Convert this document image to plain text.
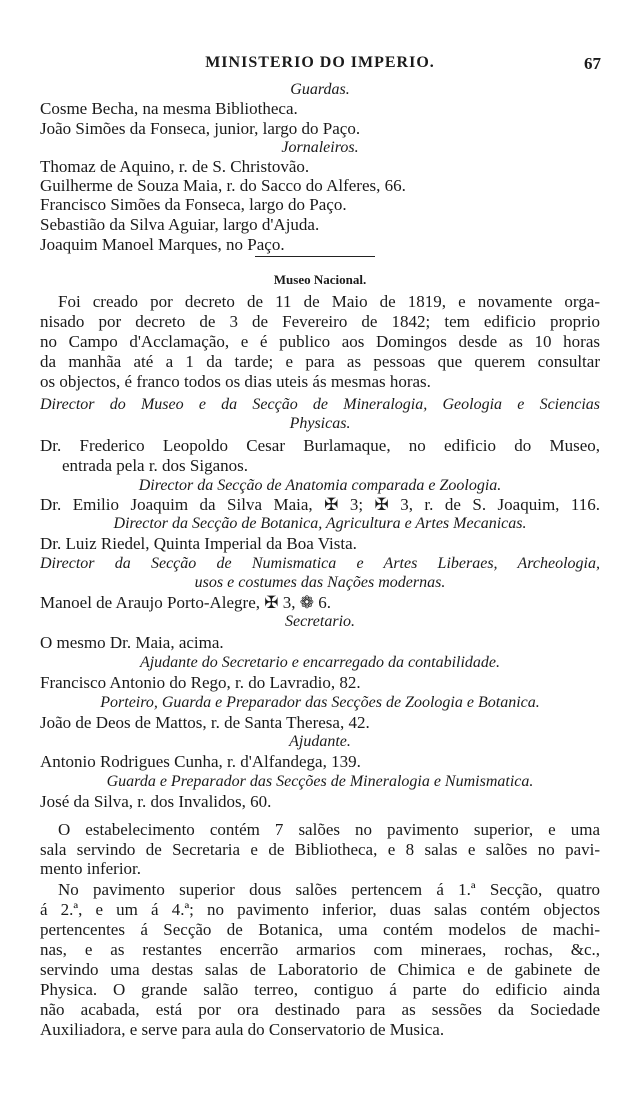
MINISTERIO DO IMPERIO.	67
Guardas.
Cosme Becha, na mesma Bibliotheca.
João Simões da Fonseca, junior, largo do Paço.
Jornaleiros.
Thomaz de Aquino, r. de S. Christovão.
Guilherme de Souza Maia, r. do Sacco do Alferes, 66.
Francisco Simões da Fonseca, largo do Paço.
Sebastião da Silva Aguiar, largo d'Ajuda.
Joaquim Manoel Marques, no Paço.
Museo Nacional.
Foi creado por decreto de 11 de Maio de 1819, e novamente orga-
nisado por decreto de 3 de Fevereiro de 1842; tem edificio proprio
no Campo d'Acclamação, e é publico aos Domingos desde as 10 horas
da manhãa até a 1 da tarde; e para as pessoas que querem consultar
os objectos, é franco todos os dias uteis ás mesmas horas.
Director do Museo e da Secção de Mineralogia, Geologia e Sciencias
Physicas.
Dr. Frederico Leopoldo Cesar Burlamaque, no edificio do Museo,
entrada pela r. dos Siganos.
Director da Secção de Anatomia comparada e Zoologia.
Dr. Emilio Joaquim da Silva Maia, ✠ 3; ✠ 3, r. de S. Joaquim, 116.
Director da Secção de Botanica, Agricultura e Artes Mecanicas.
Dr. Luiz Riedel, Quinta Imperial da Boa Vista.
Director da Secção de Numismatica e Artes Liberaes, Archeologia,
usos e costumes das Nações modernas.
Manoel de Araujo Porto-Alegre, ✠ 3, ❁ 6.
Secretario.
O mesmo Dr. Maia, acima.
Ajudante do Secretario e encarregado da contabilidade.
Francisco Antonio do Rego, r. do Lavradio, 82.
Porteiro, Guarda e Preparador das Secções de Zoologia e Botanica.
João de Deos de Mattos, r. de Santa Theresa, 42.
Ajudante.
Antonio Rodrigues Cunha, r. d'Alfandega, 139.
Guarda e Preparador das Secções de Mineralogia e Numismatica.
José da Silva, r. dos Invalidos, 60.
O estabelecimento contém 7 salões no pavimento superior, e uma
sala servindo de Secretaria e de Bibliotheca, e 8 salas e salões no pavi-
mento inferior.
No pavimento superior dous salões pertencem á 1.ª Secção, quatro
á 2.ª, e um á 4.ª; no pavimento inferior, duas salas contém objectos
pertencentes á Secção de Botanica, uma contém modelos de machi-
nas, e as restantes encerrão armarios com mineraes, rochas, &c.,
servindo uma destas salas de Laboratorio de Chimica e de gabinete de
Physica. O grande salão terreo, contiguo á parte do edificio ainda
não acabada, está por ora destinado para as sessões da Sociedade
Auxiliadora, e serve para aula do Conservatorio de Musica.
